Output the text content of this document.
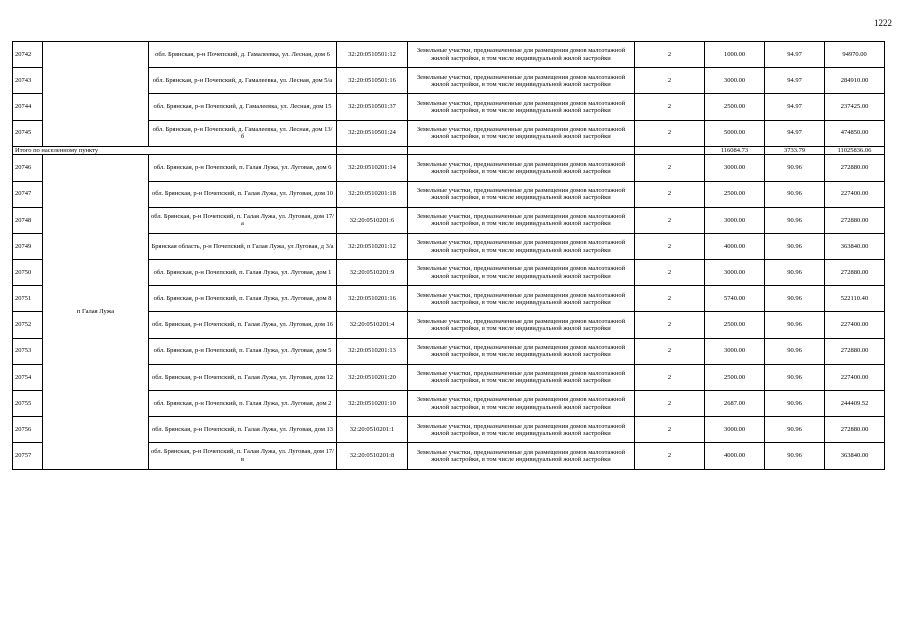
1222
20742		обл. Брянская, р-н Почепский, д. Гамалеевка, ул. Лесная, дом 6	32:20:0510501:12	Земельные участки, предназначенные для размещения домов малоэтажной жилой застройки, в том числе индивидуальной жилой застройки	2	1000.00	94.97	94970.00
20743		обл. Брянская, р-н Почепский, д. Гамалеевка, ул. Лесная, дом 5/а	32:20:0510501:16	Земельные участки, предназначенные для размещения домов малоэтажной жилой застройки, в том числе индивидуальной жилой застройки	2	3000.00	94.97	284910.00
20744		обл. Брянская, р-н Почепский, д. Гамалеевка, ул. Лесная, дом 15	32:20:0510501:37	Земельные участки, предназначенные для размещения домов малоэтажной жилой застройки, в том числе индивидуальной жилой застройки	2	2500.00	94.97	237425.00
20745		обл. Брянская, р-н Почепский, д. Гамалеевка, ул. Лесная, дом 13/б	32:20:0510501:24	Земельные участки, предназначенные для размещения домов малоэтажной жилой застройки, в том числе индивидуальной жилой застройки	2	5000.00	94.97	474850.00
Итого по населенному пункту						116084.73	3733.79	11025836.06
20746	п Галая Лужа	обл. Брянская, р-н Почепский, п. Галая Лужа, ул. Луговая, дом 6	32:20:0510201:14	Земельные участки, предназначенные для размещения домов малоэтажной жилой застройки, в том числе индивидуальной жилой застройки	2	3000.00	90.96	272880.00
20747		обл. Брянская, р-н Почепский, п. Галая Лужа, ул. Луговая, дом 10	32:20:0510201:18	Земельные участки, предназначенные для размещения домов малоэтажной жилой застройки, в том числе индивидуальной жилой застройки	2	2500.00	90.96	227400.00
20748		обл. Брянская, р-н Почепский, п. Галая Лужа, ул. Луговая, дом 17/а	32:20:0510201:6	Земельные участки, предназначенные для размещения домов малоэтажной жилой застройки, в том числе индивидуальной жилой застройки	2	3000.00	90.96	272880.00
20749		Брянская область, р-н Почепский, п Галая Лужа, ул Луговая, д 3/а	32:20:0510201:12	Земельные участки, предназначенные для размещения домов малоэтажной жилой застройки, в том числе индивидуальной жилой застройки	2	4000.00	90.96	363840.00
20750		обл. Брянская, р-н Почепский, п. Галая Лужа, ул. Луговая, дом 1	32:20:0510201:9	Земельные участки, предназначенные для размещения домов малоэтажной жилой застройки, в том числе индивидуальной жилой застройки	2	3000.00	90.96	272880.00
20751		обл. Брянская, р-н Почепский, п. Галая Лужа, ул. Луговая, дом 8	32:20:0510201:16	Земельные участки, предназначенные для размещения домов малоэтажной жилой застройки, в том числе индивидуальной жилой застройки	2	5740.00	90.96	522110.40
20752		обл. Брянская, р-н Почепский, п. Галая Лужа, ул. Луговая, дом 16	32:20:0510201:4	Земельные участки, предназначенные для размещения домов малоэтажной жилой застройки, в том числе индивидуальной жилой застройки	2	2500.00	90.96	227400.00
20753		обл. Брянская, р-н Почепский, п. Галая Лужа, ул. Луговая, дом 5	32:20:0510201:13	Земельные участки, предназначенные для размещения домов малоэтажной жилой застройки, в том числе индивидуальной жилой застройки	2	3000.00	90.96	272880.00
20754		обл. Брянская, р-н Почепский, п. Галая Лужа, ул. Луговая, дом 12	32:20:0510201:20	Земельные участки, предназначенные для размещения домов малоэтажной жилой застройки, в том числе индивидуальной жилой застройки	2	2500.00	90.96	227400.00
20755		обл. Брянская, р-н Почепский, п. Галая Лужа, ул. Луговая, дом 2	32:20:0510201:10	Земельные участки, предназначенные для размещения домов малоэтажной жилой застройки, в том числе индивидуальной жилой застройки	2	2687.00	90.96	244409.52
20756		обл. Брянская, р-н Почепский, п. Галая Лужа, ул. Луговая, дом 13	32:20:0510201:1	Земельные участки, предназначенные для размещения домов малоэтажной жилой застройки, в том числе индивидуальной жилой застройки	2	3000.00	90.96	272880.00
20757		обл. Брянская, р-н Почепский, п. Галая Лужа, ул. Луговая, дом 17/в	32:20:0510201:8	Земельные участки, предназначенные для размещения домов малоэтажной жилой застройки, в том числе индивидуальной жилой застройки	2	4000.00	90.96	363840.00
